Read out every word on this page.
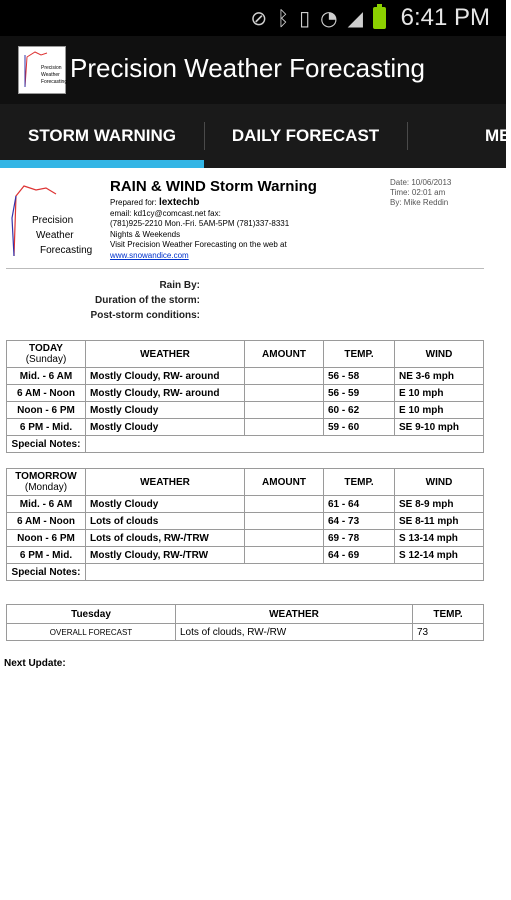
⊘ ᛒ ▯ ◔ ◢ 6:41 PM
Precision
Weather
Forecasting Precision Weather Forecasting
STORM WARNING	DAILY FORECAST	ME
Precision
Weather
Forecasting
RAIN & WIND Storm Warning
Prepared for: lextechb
email: kd1cy@comcast.net fax:
(781)925-2210 Mon.-Fri. 5AM-5PM (781)337-8331
Nights & Weekends
Visit Precision Weather Forecasting on the web at
www.snowandice.com
Date: 10/06/2013
Time: 02:01 am
By: Mike Reddin
Rain By:
Duration of the storm:
Post-storm conditions:
TODAY
(Sunday)	WEATHER	AMOUNT	TEMP.	WIND
Mid. - 6 AM	Mostly Cloudy, RW- around		56 - 58	NE 3-6 mph
6 AM - Noon	Mostly Cloudy, RW- around		56 - 59	E 10 mph
Noon - 6 PM	Mostly Cloudy		60 - 62	E 10 mph
6 PM - Mid.	Mostly Cloudy		59 - 60	SE 9-10 mph
Special Notes:				
TOMORROW
(Monday)	WEATHER	AMOUNT	TEMP.	WIND
Mid. - 6 AM	Mostly Cloudy		61 - 64	SE 8-9 mph
6 AM - Noon	Lots of clouds		64 - 73	SE 8-11 mph
Noon - 6 PM	Lots of clouds, RW-/TRW		69 - 78	S 13-14 mph
6 PM - Mid.	Mostly Cloudy, RW-/TRW		64 - 69	S 12-14 mph
Special Notes:				
Tuesday	WEATHER	TEMP.
OVERALL FORECAST	Lots of clouds, RW-/RW	73
Next Update:
